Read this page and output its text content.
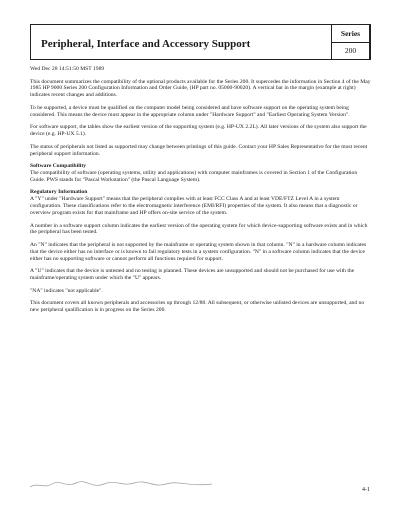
Peripheral, Interface and Accessory Support
Series
200
Wed Dec 28 14:51:50 MST 1989

This document summarizes the compatibility of the optional products available for the Series 200. It supercedes the information in Section 4 of the May 1985 HP 9000 Series 200 Configuration Information and Order Guide, (HP part no. 05000-90020). A vertical bar in the margin (example at right) indicates recent changes and additions.

To be supported, a device must be qualified on the computer model being considered and have software support on the operating system being considered. This means the device must appear in the appropriate column under "Hardware Support" and "Earliest Operating System Version".

For software support, the tables show the earliest version of the supporting system (e.g. HP-UX 2.2L). All later versions of the system also support the device (e.g. HP-UX 5.1).

The status of peripherals not listed as supported may change between printings of this guide. Contact your HP Sales Representative for the most recent peripheral support information.

Software Compatibility

The compatibility of software (operating systems, utility and applications) with computer mainframes is covered in Section 1 of the Configuration Guide. PWS stands for "Pascal Workstation" (the Pascal Language System).

Regulatory Information

A "Y" under "Hardware Support" means that the peripheral complies with at least FCC Class A and at least VDE/FTZ Level A in a system configuration. These classifications refer to the electromagnetic interference (EMI/RFI) properties of the system. It also means that a diagnostic or overview program exists for that mainframe and HP offers on-site service of the system.

A number in a software support column indicates the earliest version of the operating system for which device-supporting software exists and in which the peripheral has been tested.

An "N" indicates that the peripheral is not supported by the mainframe or operating system shown in that column. "N" in a hardware column indicates that the device either has no interface or is known to fail regulatory tests in a system configuration. "N" in a software column indicates that the device either has no supporting software or cannot perform all functions required for support.

A "U" indicates that the device is untested and no testing is planned. These devices are unsupported and should not be purchased for use with the mainframe/operating system under which the "U" appears.

"NA" indicates "not applicable".

This document covers all known peripherals and accessories up through 12/88. All subsequent, or otherwise unlisted devices are unsupported, and no new peripheral qualification is in progress on the Series 200.

4-1
